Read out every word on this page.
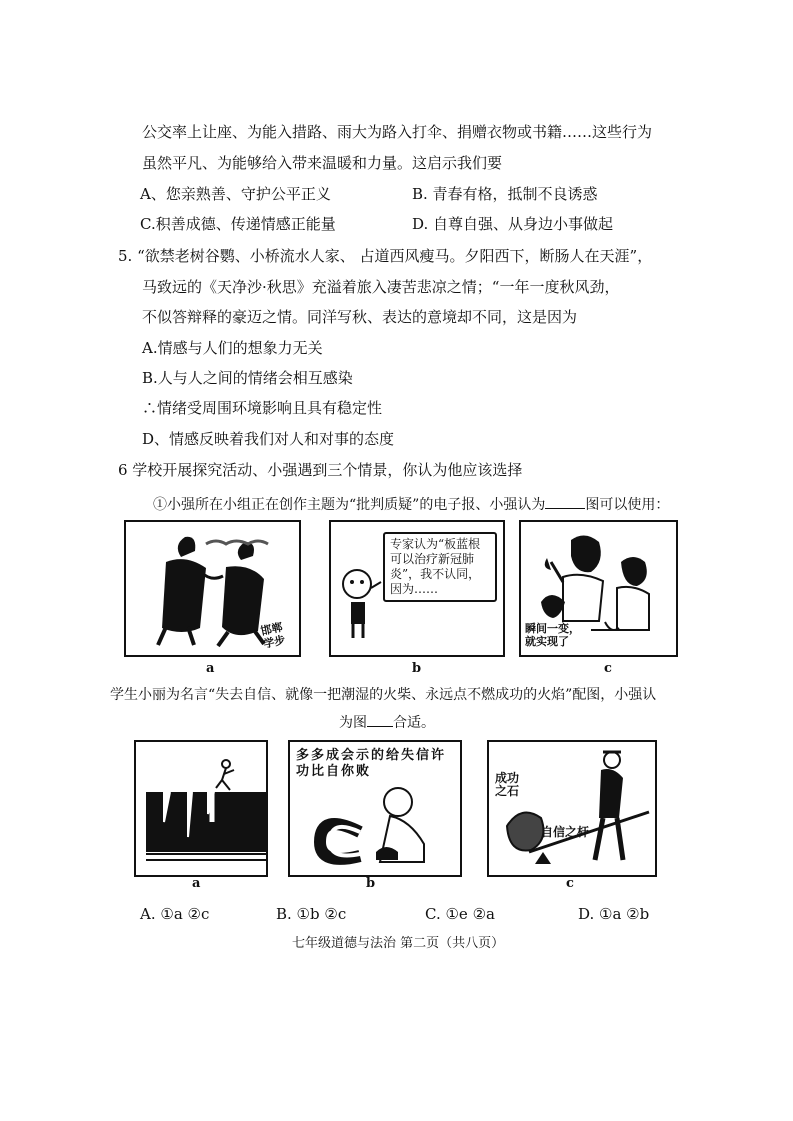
公交率上让座、为能入措路、雨大为路入打伞、捐赠衣物或书籍……这些行为
虽然平凡、为能够给入带来温暖和力量。这启示我们要
A、您亲熟善、守护公平正义	B. 青春有格，抵制不良诱惑
C.积善成德、传递情感正能量	D. 自尊自强、从身边小事做起
5. “欲禁老树谷鹦、小桥流水人家、 占道西风瘦马。夕阳西下，断肠人在天涯”，
马致远的《天净沙·秋思》充溢着旅入凄苦悲凉之情；“一年一度秋风劲，
不似答辩释的豪迈之情。同洋写秋、表达的意境却不同，这是因为
A.情感与人们的想象力无关
B.人与人之间的情绪会相互感染
∴情绪受周围环境影响且具有稳定性
D、情感反映着我们对人和对事的态度
6 学校开展探究活动、小强遇到三个情景，你认为他应该选择
①小强所在小组正在创作主题为“批判质疑”的电子报、小强认为	图可以使用：
邯郸学步
a
专家认为“板蓝根可以治疗新冠肺炎”，我不认同，因为……
b
瞬间一变，就实现了
c
学生小丽为名言“失去自信、就像一把潮湿的火柴、永远点不燃成功的火焰”配图，小强认
为图 合适。
a
多多成会示的给失信许功比自你败
b
成功之石
自信之杆
c
A. ①a ②c	B. ①b ②c	C. ①e ②a	D. ①a ②b
七年级道德与法治 第二页（共八页）
